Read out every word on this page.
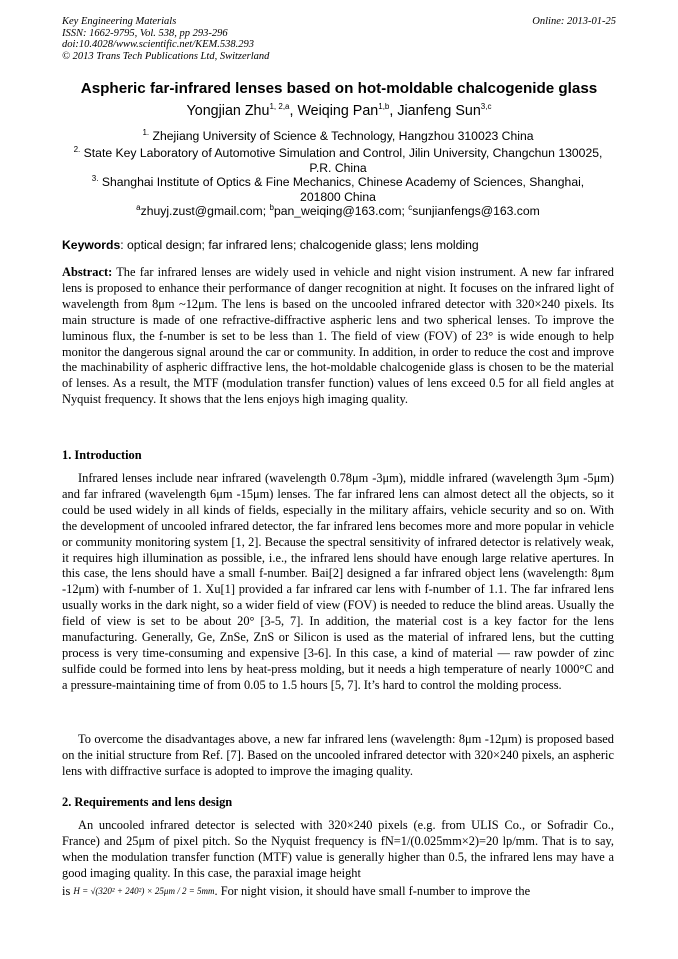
Key Engineering Materials
ISSN: 1662-9795, Vol. 538, pp 293-296
doi:10.4028/www.scientific.net/KEM.538.293
© 2013 Trans Tech Publications Ltd, Switzerland
Online: 2013-01-25
Aspheric far-infrared lenses based on hot-moldable chalcogenide glass
Yongjian Zhu$^{1, 2,a}$, Weiqing Pan$^{1,b}$, Jianfeng Sun$^{3,c}$
$^{1.}$ Zhejiang University of Science & Technology, Hangzhou 310023 China
$^{2.}$ State Key Laboratory of Automotive Simulation and Control, Jilin University, Changchun 130025,
P.R. China
$^{3.}$ Shanghai Institute of Optics & Fine Mechanics, Chinese Academy of Sciences, Shanghai,
201800 China
$^a$zhuyj.zust@gmail.com; $^b$pan_weiqing@163.com; $^c$sunjianfengs@163.com
Keywords: optical design; far infrared lens; chalcogenide glass; lens molding
Abstract: The far infrared lenses are widely used in vehicle and night vision instrument. A new far infrared lens is proposed to enhance their performance of danger recognition at night. It focuses on the infrared light of wavelength from 8μm ~12μm. The lens is based on the uncooled infrared detector with 320×240 pixels. Its main structure is made of one refractive-diffractive aspheric lens and two spherical lenses. To improve the luminous flux, the f-number is set to be less than 1. The field of view (FOV) of 23° is wide enough to help monitor the dangerous signal around the car or community. In addition, in order to reduce the cost and improve the machinability of aspheric diffractive lens, the hot-moldable chalcogenide glass is chosen to be the material of lenses. As a result, the MTF (modulation transfer function) values of lens exceed 0.5 for all field angles at Nyquist frequency. It shows that the lens enjoys high imaging quality.
1. Introduction
Infrared lenses include near infrared (wavelength 0.78μm -3μm), middle infrared (wavelength 3μm -5μm) and far infrared (wavelength 6μm -15μm) lenses. The far infrared lens can almost detect all the objects, so it could be used widely in all kinds of fields, especially in the military affairs, vehicle security and so on. With the development of uncooled infrared detector, the far infrared lens becomes more and more popular in vehicle or community monitoring system [1, 2]. Because the spectral sensitivity of infrared detector is relatively weak, it requires high illumination as possible, i.e., the infrared lens should have enough large relative apertures. In this case, the lens should have a small f-number. Bai[2] designed a far infrared object lens (wavelength: 8μm -12μm) with f-number of 1. Xu[1] provided a far infrared car lens with f-number of 1.1. The far infrared lens usually works in the dark night, so a wider field of view (FOV) is needed to reduce the blind areas. Usually the field of view is set to be about 20° [3-5, 7]. In addition, the material cost is a key factor for the lens manufacturing. Generally, Ge, ZnSe, ZnS or Silicon is used as the material of infrared lens, but the cutting process is very time-consuming and expensive [3-6]. In this case, a kind of material — raw powder of zinc sulfide could be formed into lens by heat-press molding, but it needs a high temperature of nearly 1000°C and a pressure-maintaining time of from 0.05 to 1.5 hours [5, 7]. It’s hard to control the molding process.
To overcome the disadvantages above, a new far infrared lens (wavelength: 8μm -12μm) is proposed based on the initial structure from Ref. [7]. Based on the uncooled infrared detector with 320×240 pixels, an aspheric lens with diffractive surface is adopted to improve the imaging quality.
2. Requirements and lens design
An uncooled infrared detector is selected with 320×240 pixels (e.g. from ULIS Co., or Sofradir Co., France) and 25μm of pixel pitch. So the Nyquist frequency is fN=1/(0.025mm×2)=20 lp/mm. That is to say, when the modulation transfer function (MTF) value is generally higher than 0.5, the infrared lens may have a good imaging quality. In this case, the paraxial image height
is H = √(320² + 240²) × 25μm / 2 = 5mm. For night vision, it should have small f-number to improve the
